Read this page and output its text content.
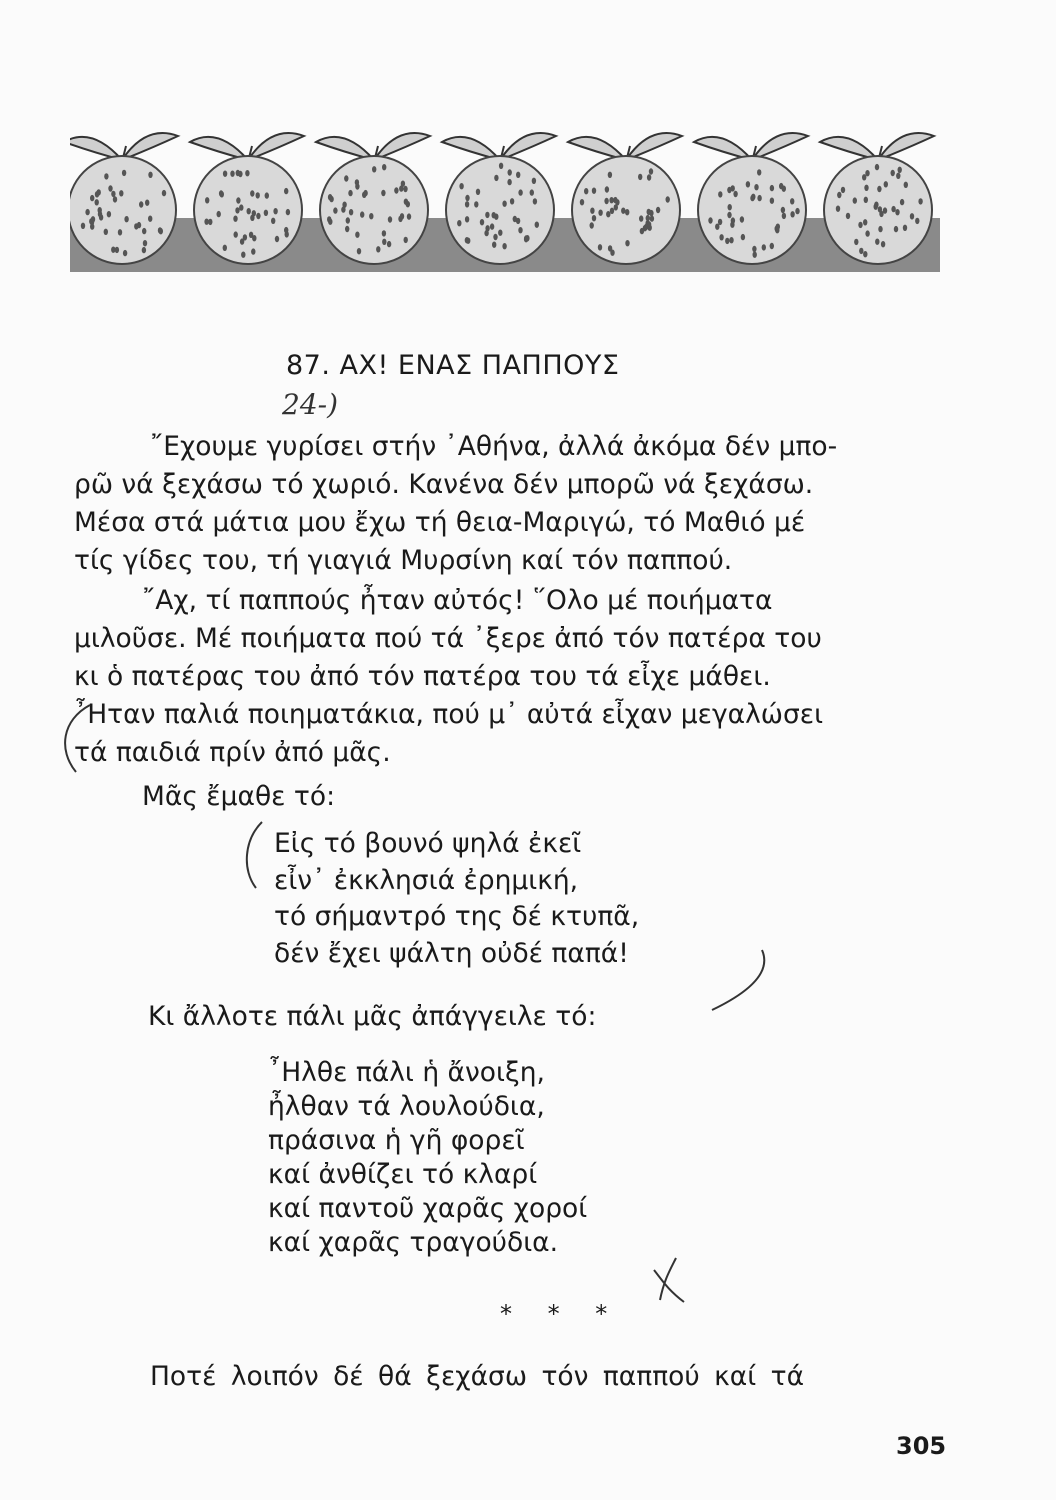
87. ΑΧ! ΕΝΑΣ ΠΑΠΠΟΥΣ
24-)
῎Εχουμε γυρίσει στήν ᾿Αθήνα, ἀλλά ἀκόμα δέν μπο-
ρῶ νά ξεχάσω τό χωριό. Κανένα δέν μπορῶ νά ξεχάσω.
Μέσα στά μάτια μου ἔχω τή θεια-Μαριγώ, τό Μαθιό μέ
τίς γίδες του, τή γιαγιά Μυρσίνη καί τόν παππού.
῎Αχ, τί παππούς ἦταν αὐτός! ῞Ολο μέ ποιήματα
μιλοῦσε. Μέ ποιήματα πού τά ᾿ξερε ἀπό τόν πατέρα του
κι ὁ πατέρας του ἀπό τόν πατέρα του τά εἶχε μάθει.
῏Ηταν παλιά ποιηματάκια, πού μ᾿ αὐτά εἶχαν μεγαλώσει
τά παιδιά πρίν ἀπό μᾶς.
Μᾶς ἔμαθε τό:
Εἰς τό βουνό ψηλά ἐκεῖ
εἶν᾿ ἐκκλησιά ἐρημική,
τό σήμαντρό της δέ κτυπᾶ,
δέν ἔχει ψάλτη οὐδέ παπά!
Κι ἄλλοτε πάλι μᾶς ἀπάγγειλε τό:
῏Ηλθε πάλι ἡ ἄνοιξη,
ἦλθαν τά λουλούδια,
πράσινα ἡ γῆ φορεῖ
καί ἀνθίζει τό κλαρί
καί παντοῦ χαρᾶς χοροί
καί χαρᾶς τραγούδια.
* * *
Ποτέ λοιπόν δέ θά ξεχάσω τόν παππού καί τά
305
